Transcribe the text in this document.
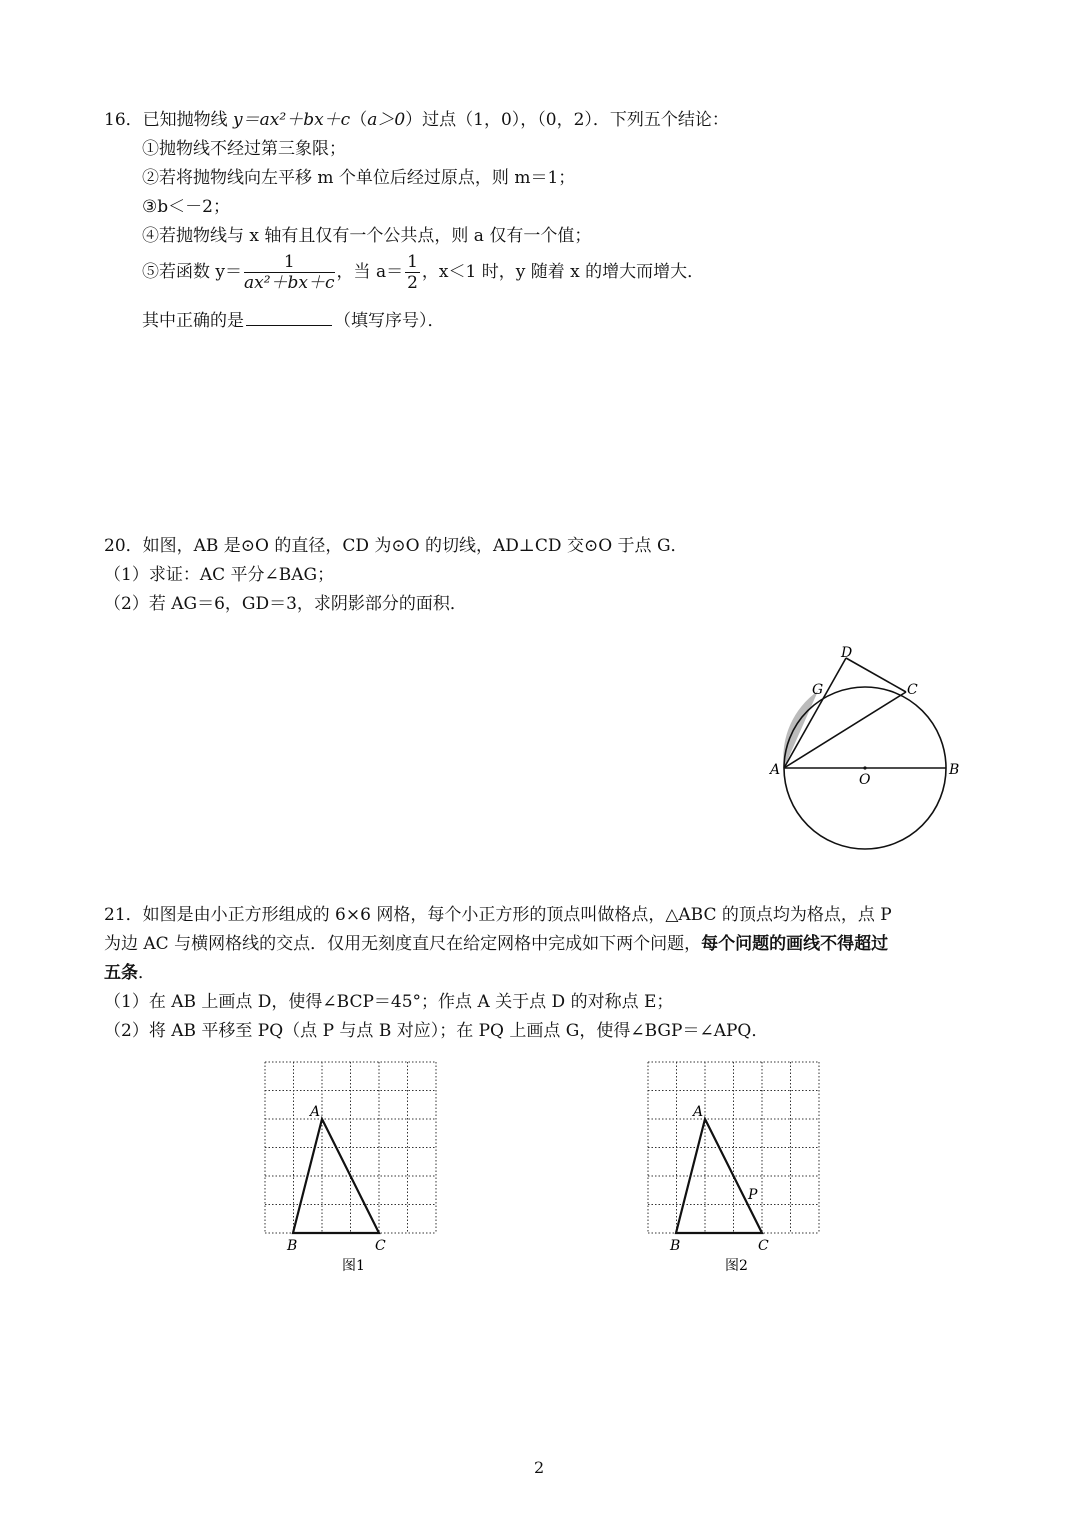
16．已知抛物线 y＝ax²＋bx＋c（a＞0）过点（1，0），（0，2）．下列五个结论：
①抛物线不经过第三象限；
②若将抛物线向左平移 m 个单位后经过原点，则 m＝1；
③b＜－2；
④若抛物线与 x 轴有且仅有一个公共点，则 a 仅有一个值；
⑤若函数 $y= \frac{1}{\text{ax²＋bx＋c}}$ ，当 $a= \frac{1}{2}$ ，x＜1 时，y 随着 x 的增大而增大．
其中正确的是	（填写序号）．
20．如图，AB 是⊙O 的直径，CD 为⊙O 的切线，AD⊥CD 交⊙O 于点 G．
（1）求证：AC 平分∠BAG；
（2）若 AG＝6，GD＝3，求阴影部分的面积．
A	B
C
D
G
O
21．如图是由小正方形组成的 6×6 网格，每个小正方形的顶点叫做格点，△ABC 的顶点均为格点，点 P
为边 AC 与横网格线的交点．仅用无刻度直尺在给定网格中完成如下两个问题，每个问题的画线不得超过
五条．
（1）在 AB 上画点 D，使得∠BCP＝45°；作点 A 关于点 D 的对称点 E；
（2）将 AB 平移至 PQ（点 P 与点 B 对应）；在 PQ 上画点 G，使得∠BGP＝∠APQ．
A
B	C
图1
A
B	C
P
图2
2
